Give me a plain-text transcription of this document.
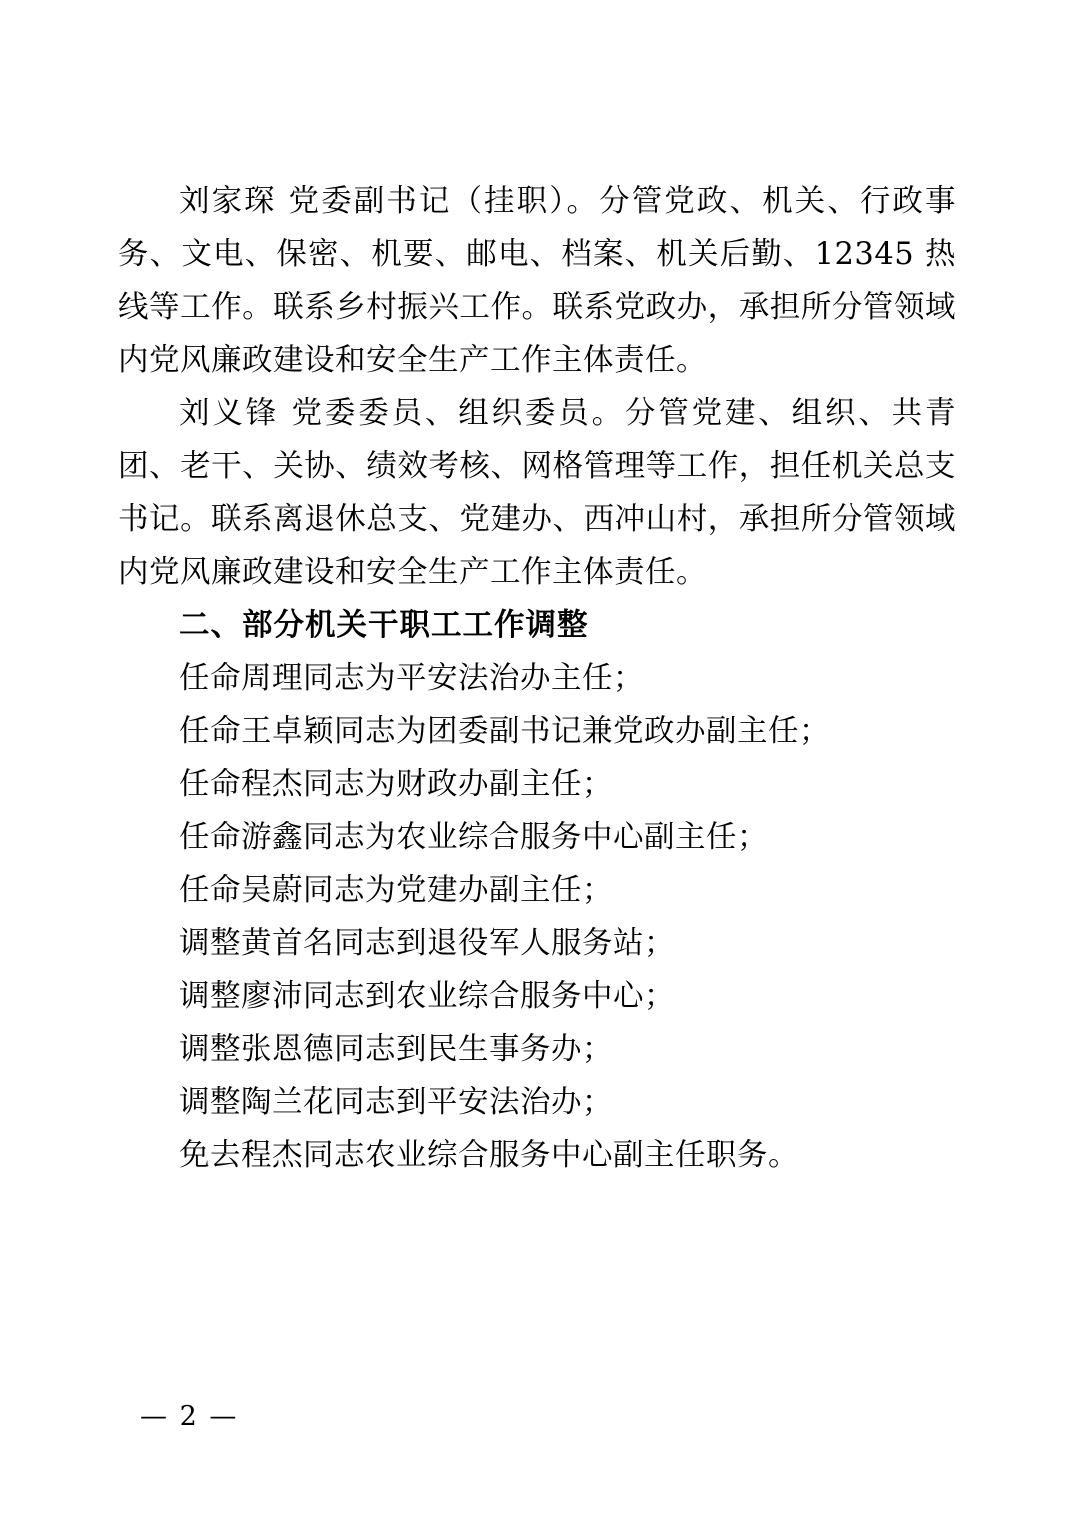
刘家琛 党委副书记（挂职）。分管党政、机关、行政事务、文电、保密、机要、邮电、档案、机关后勤、12345 热线等工作。联系乡村振兴工作。联系党政办，承担所分管领域内党风廉政建设和安全生产工作主体责任。

刘义锋 党委委员、组织委员。分管党建、组织、共青团、老干、关协、绩效考核、网格管理等工作，担任机关总支书记。联系离退休总支、党建办、西冲山村，承担所分管领域内党风廉政建设和安全生产工作主体责任。

二、部分机关干职工工作调整

任命周理同志为平安法治办主任；

任命王卓颖同志为团委副书记兼党政办副主任；

任命程杰同志为财政办副主任；

任命游鑫同志为农业综合服务中心副主任；

任命吴蔚同志为党建办副主任；

调整黄首名同志到退役军人服务站；

调整廖沛同志到农业综合服务中心；

调整张恩德同志到民生事务办；

调整陶兰花同志到平安法治办；

免去程杰同志农业综合服务中心副主任职务。

— 2 —
